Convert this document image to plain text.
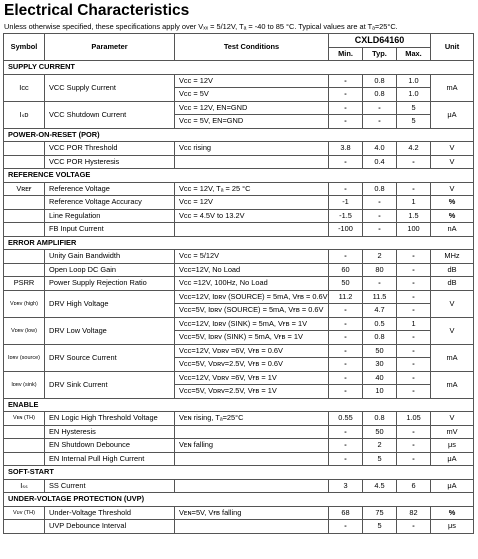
Electrical Characteristics
Unless otherwise specified, these specifications apply over Vₓₓ = 5/12V, Tₐ = -40 to 85 °C. Typical values are at Tₐ=25°C.
Symbol	Parameter	Test Conditions	CXLD64160			Unit
			Min.	Typ.	Max.	
SUPPLY CURRENT						
Iᴄᴄ	VCC Supply Current	Vᴄᴄ = 12V	-	0.8	1.0	mA
		Vᴄᴄ = 5V	-	0.8	1.0	
Iₛᴅ	VCC Shutdown Current	Vᴄᴄ = 12V, EN=GND	-	-	5	μA
		Vᴄᴄ = 5V, EN=GND	-	-	5	
POWER-ON-RESET (POR)						
	VCC POR Threshold	Vᴄᴄ rising	3.8	4.0	4.2	V
	VCC POR Hysteresis		-	0.4	-	V
REFERENCE VOLTAGE						
Vʀᴇғ	Reference Voltage	Vᴄᴄ = 12V, Tₐ = 25 °C	-	0.8	-	V
	Reference Voltage Accuracy	Vᴄᴄ = 12V	-1	-	1	%
	Line Regulation	Vᴄᴄ = 4.5V to 13.2V	-1.5	-	1.5	%
	FB Input Current		-100	-	100	nA
ERROR AMPLIFIER						
	Unity Gain Bandwidth	Vᴄᴄ = 5/12V	-	2	-	MHz
	Open Loop DC Gain	Vᴄᴄ=12V, No Load	60	80	-	dB
PSRR	Power Supply Rejection Ratio	Vᴄᴄ =12V, 100Hz, No Load	50	-	-	dB
Vᴅʀᴠ (high)	DRV High Voltage	Vᴄᴄ=12V, Iᴅʀᴠ (SOURCE) = 5mA, Vғʙ = 0.6V	11.2	11.5	-	V
		Vᴄᴄ=5V, Iᴅʀᴠ (SOURCE) = 5mA, Vғʙ = 0.6V	-	4.7	-	
Vᴅʀᴠ (low)	DRV Low Voltage	Vᴄᴄ=12V, Iᴅʀᴠ (SINK) = 5mA, Vғʙ = 1V	-	0.5	1	V
		Vᴄᴄ=5V, Iᴅʀᴠ (SINK) = 5mA, Vғʙ = 1V	-	0.8	-	
Iᴅʀᴠ (source)	DRV Source Current	Vᴄᴄ=12V, Vᴅʀᴠ =6V, Vғʙ = 0.6V	-	50	-	mA
		Vᴄᴄ=5V, Vᴅʀᴠ=2.5V, Vғʙ = 0.6V	-	30	-	
Iᴅʀᴠ (sink)	DRV Sink Current	Vᴄᴄ=12V, Vᴅʀᴠ =6V, Vғʙ = 1V	-	40	-	mA
		Vᴄᴄ=5V, Vᴅʀᴠ=2.5V, Vғʙ = 1V	-	10	-	
ENABLE						
Vᴇɴ (TH)	EN Logic High Threshold Voltage	Vᴇɴ rising, Tₐ=25°C	0.55	0.8	1.05	V
	EN Hysteresis		-	50	-	mV
	EN Shutdown Debounce	Vᴇɴ falling	-	2	-	μs
	EN Internal Pull High Current		-	5	-	μA
SOFT-START						
Iₛₛ	SS Current		3	4.5	6	μA
UNDER-VOLTAGE PROTECTION (UVP)						
Vᴜᴠ (TH)	Under-Voltage Threshold	Vᴇɴ=5V, Vғʙ falling	68	75	82	%
	UVP Debounce Interval		-	5	-	μs
